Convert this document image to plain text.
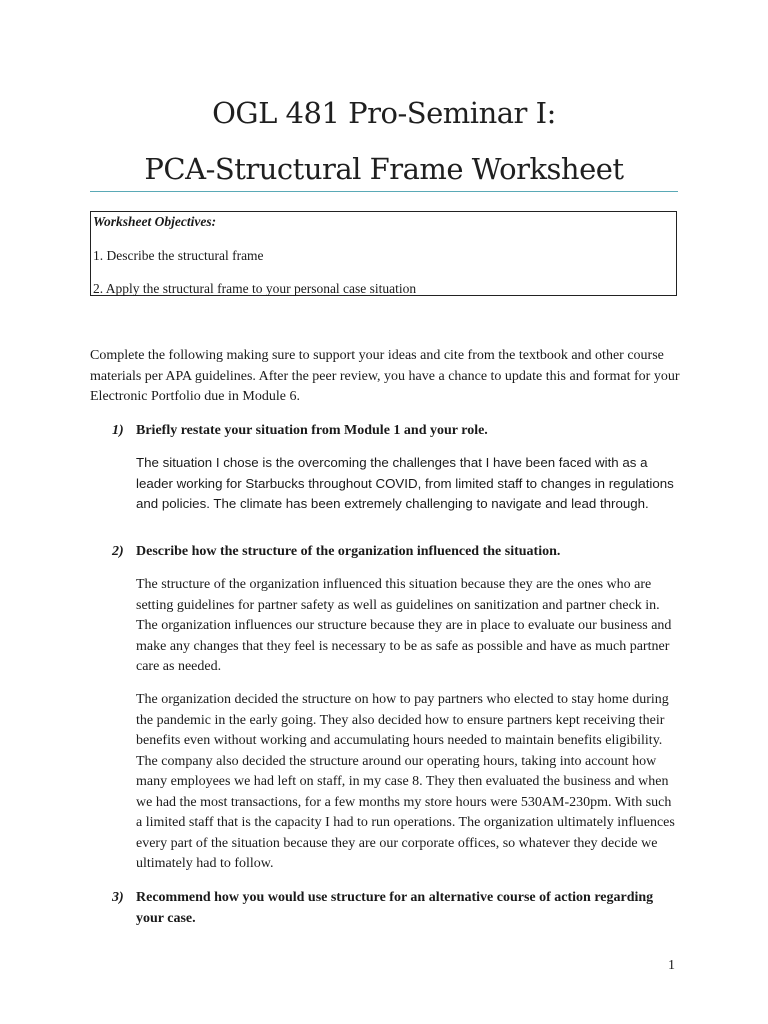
OGL 481 Pro-Seminar I:
PCA-Structural Frame Worksheet
Worksheet Objectives:
1. Describe the structural frame
2. Apply the structural frame to your personal case situation

Complete the following making sure to support your ideas and cite from the textbook and other course materials per APA guidelines. After the peer review, you have a chance to update this and format for your Electronic Portfolio due in Module 6.

1) Briefly restate your situation from Module 1 and your role.

The situation I chose is the overcoming the challenges that I have been faced with as a leader working for Starbucks throughout COVID, from limited staff to changes in regulations and policies. The climate has been extremely challenging to navigate and lead through.

2) Describe how the structure of the organization influenced the situation.

The structure of the organization influenced this situation because they are the ones who are setting guidelines for partner safety as well as guidelines on sanitization and partner check in. The organization influences our structure because they are in place to evaluate our business and make any changes that they feel is necessary to be as safe as possible and have as much partner care as needed.

The organization decided the structure on how to pay partners who elected to stay home during the pandemic in the early going. They also decided how to ensure partners kept receiving their benefits even without working and accumulating hours needed to maintain benefits eligibility. The company also decided the structure around our operating hours, taking into account how many employees we had left on staff, in my case 8. They then evaluated the business and when we had the most transactions, for a few months my store hours were 530AM-230pm. With such a limited staff that is the capacity I had to run operations. The organization ultimately influences every part of the situation because they are our corporate offices, so whatever they decide we ultimately had to follow.

3) Recommend how you would use structure for an alternative course of action regarding your case.
1
